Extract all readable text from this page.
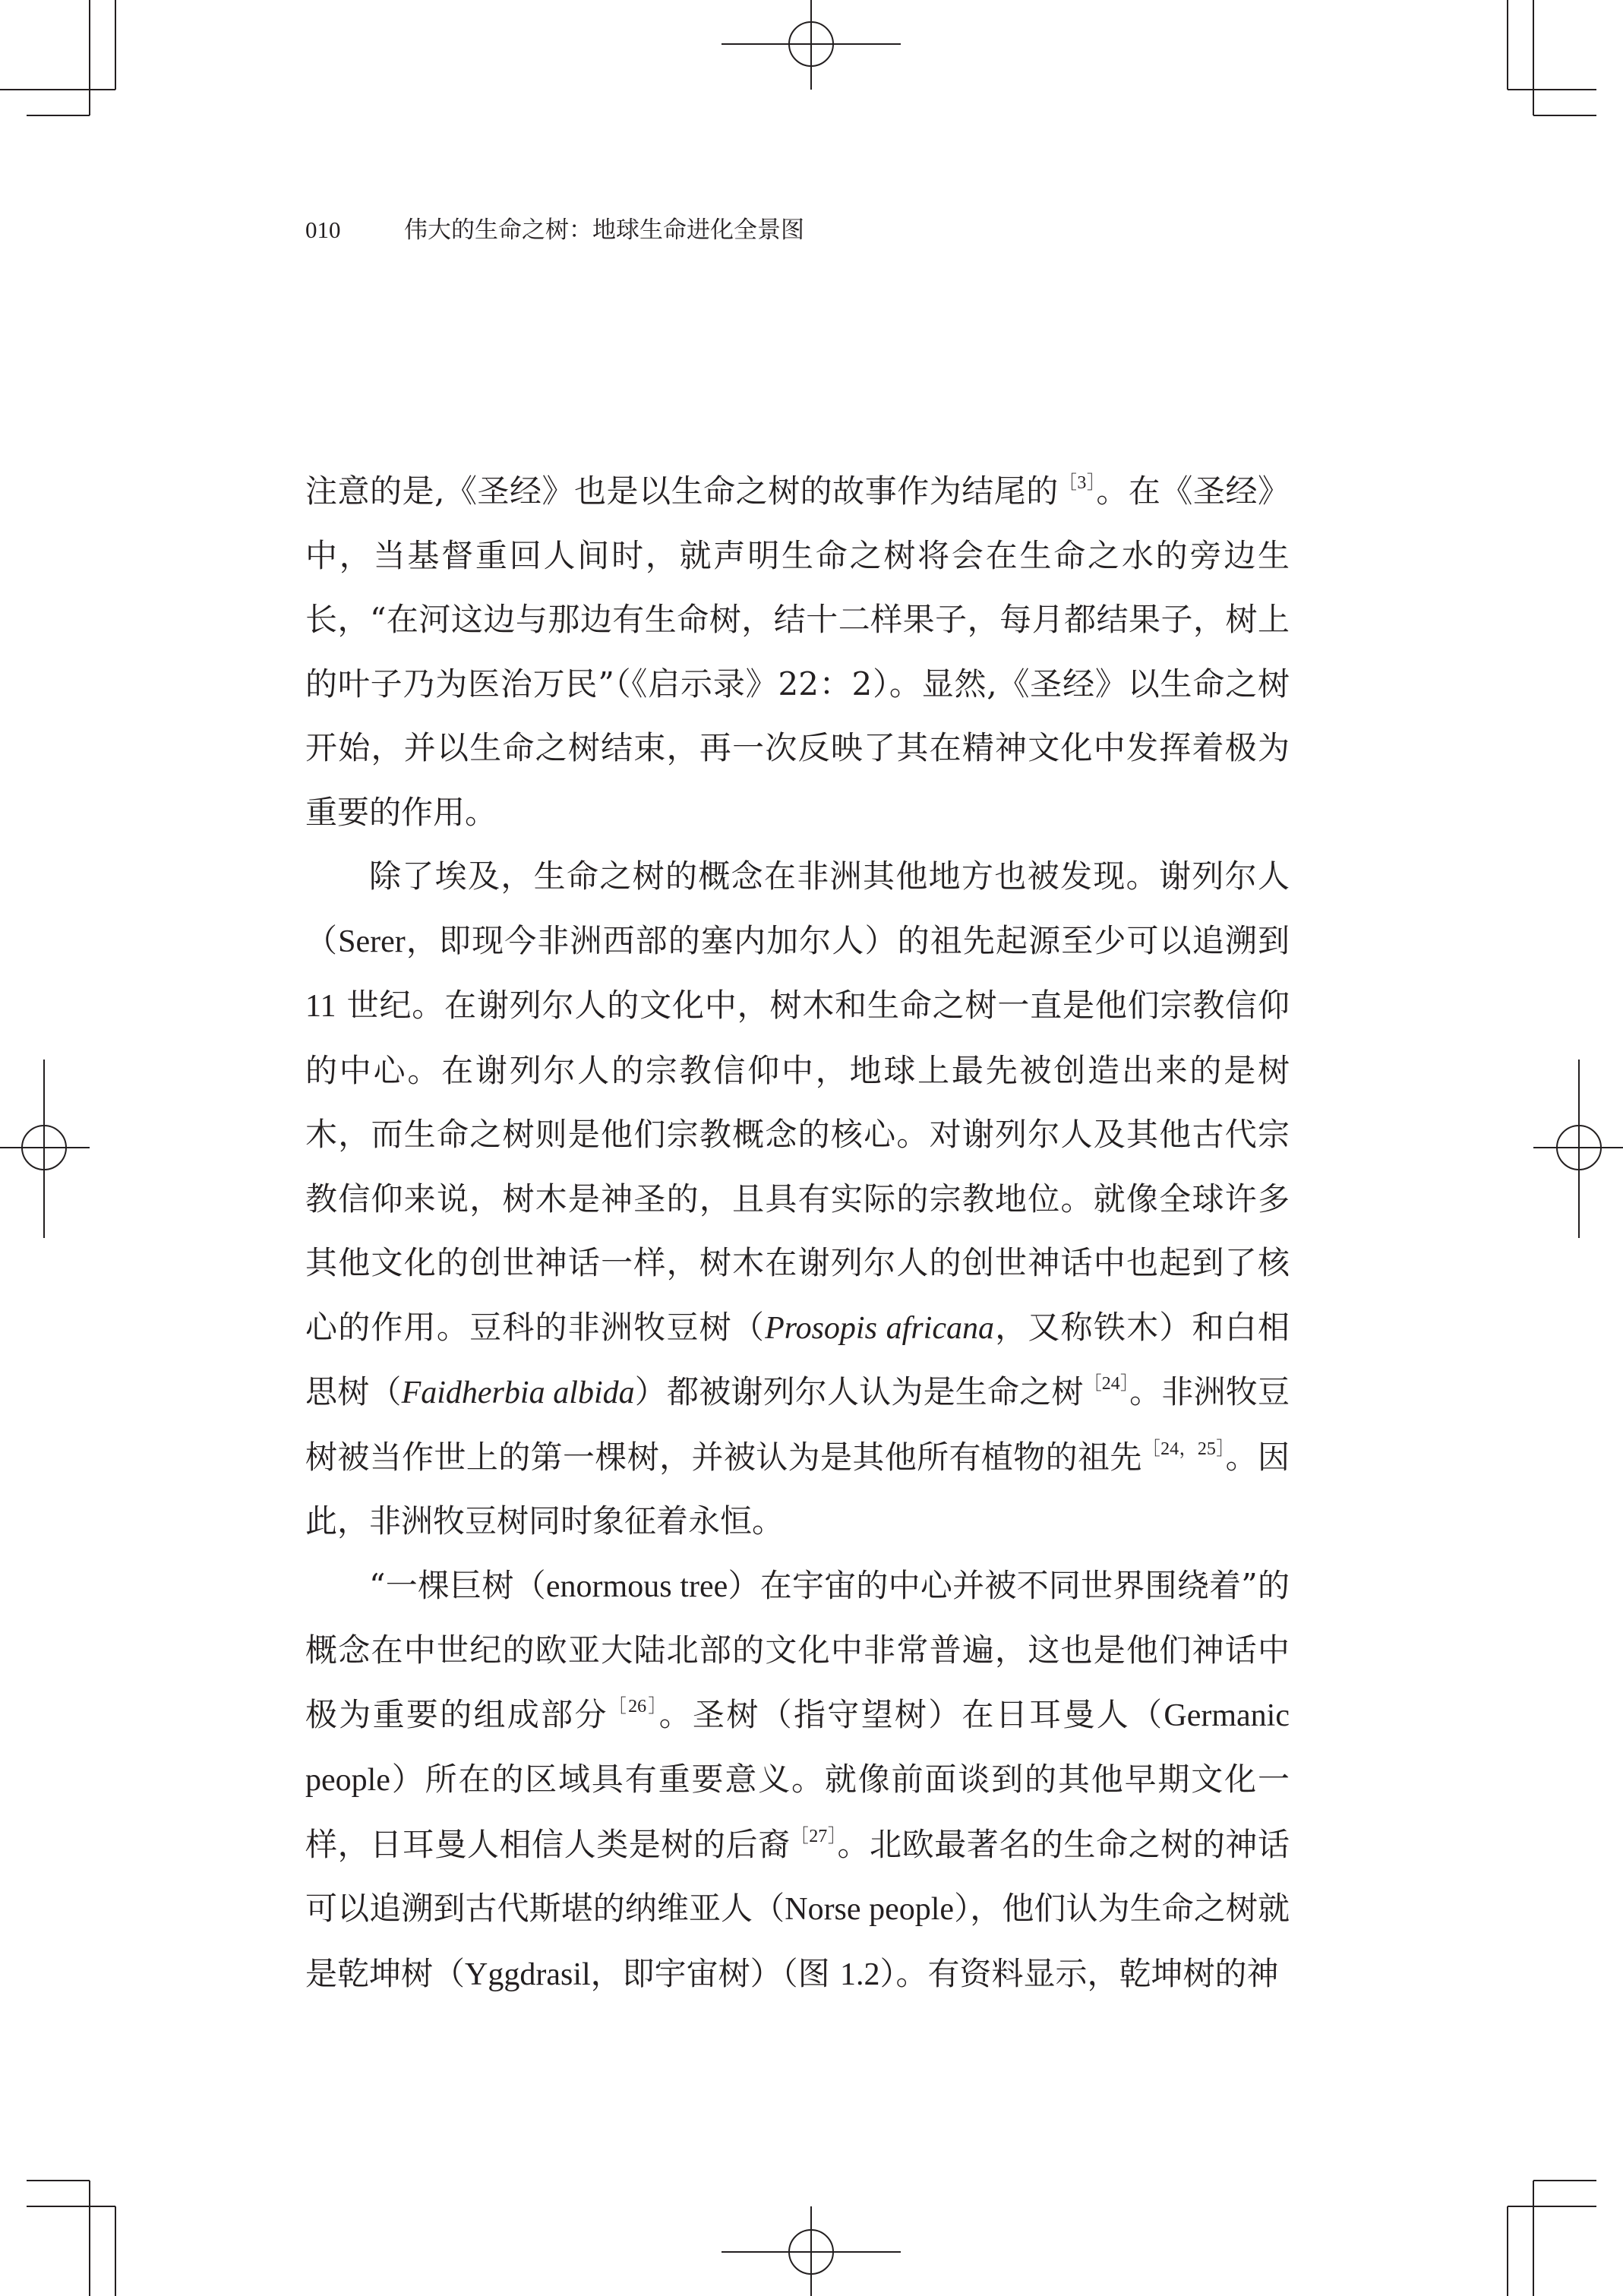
010	伟大的生命之树：地球生命进化全景图

注意的是,《圣经》也是以生命之树的故事作为结尾的$^{[3]}$。在《圣经》中，当基督重回人间时，就声明生命之树将会在生命之水的旁边生长，“在河这边与那边有生命树，结十二样果子，每月都结果子，树上的叶子乃为医治万民”（《启示录》22：2）。显然,《圣经》以生命之树开始，并以生命之树结束，再一次反映了其在精神文化中发挥着极为重要的作用。

除了埃及，生命之树的概念在非洲其他地方也被发现。谢列尔人（Serer，即现今非洲西部的塞内加尔人）的祖先起源至少可以追溯到 11 世纪。在谢列尔人的文化中，树木和生命之树一直是他们宗教信仰的中心。在谢列尔人的宗教信仰中，地球上最先被创造出来的是树木，而生命之树则是他们宗教概念的核心。对谢列尔人及其他古代宗教信仰来说，树木是神圣的，且具有实际的宗教地位。就像全球许多其他文化的创世神话一样，树木在谢列尔人的创世神话中也起到了核心的作用。豆科的非洲牧豆树（Prosopis africana，又称铁木）和白相思树（Faidherbia albida）都被谢列尔人认为是生命之树$^{[24]}$。非洲牧豆树被当作世上的第一棵树，并被认为是其他所有植物的祖先$^{[24,25]}$。因此，非洲牧豆树同时象征着永恒。

“一棵巨树（enormous tree）在宇宙的中心并被不同世界围绕着”的概念在中世纪的欧亚大陆北部的文化中非常普遍，这也是他们神话中极为重要的组成部分$^{[26]}$。圣树（指守望树）在日耳曼人（Germanic people）所在的区域具有重要意义。就像前面谈到的其他早期文化一样，日耳曼人相信人类是树的后裔$^{[27]}$。北欧最著名的生命之树的神话可以追溯到古代斯堪的纳维亚人（Norse people），他们认为生命之树就是乾坤树（Yggdrasil，即宇宙树）（图 1.2）。有资料显示，乾坤树的神
